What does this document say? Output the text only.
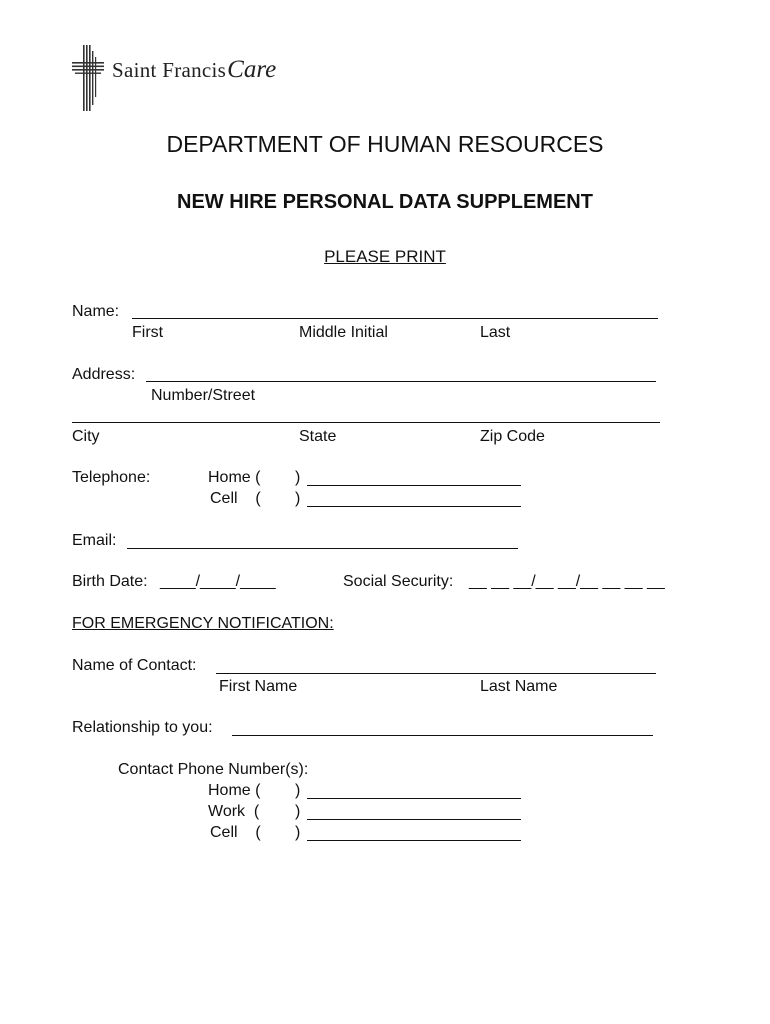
Saint FrancisCare
DEPARTMENT OF HUMAN RESOURCES
NEW HIRE PERSONAL DATA SUPPLEMENT
PLEASE PRINT
Name:
First	Middle Initial	Last
Address:
Number/Street
City	State	Zip Code
Telephone:	Home ( )
Cell    ( )
Email:
Birth Date: ____/____/____	Social Security: __ __ __/__ __/__ __ __ __
FOR EMERGENCY NOTIFICATION:
Name of Contact:
First Name	Last Name
Relationship to you:
Contact Phone Number(s):
Home ( )
Work  ( )
Cell    ( )
